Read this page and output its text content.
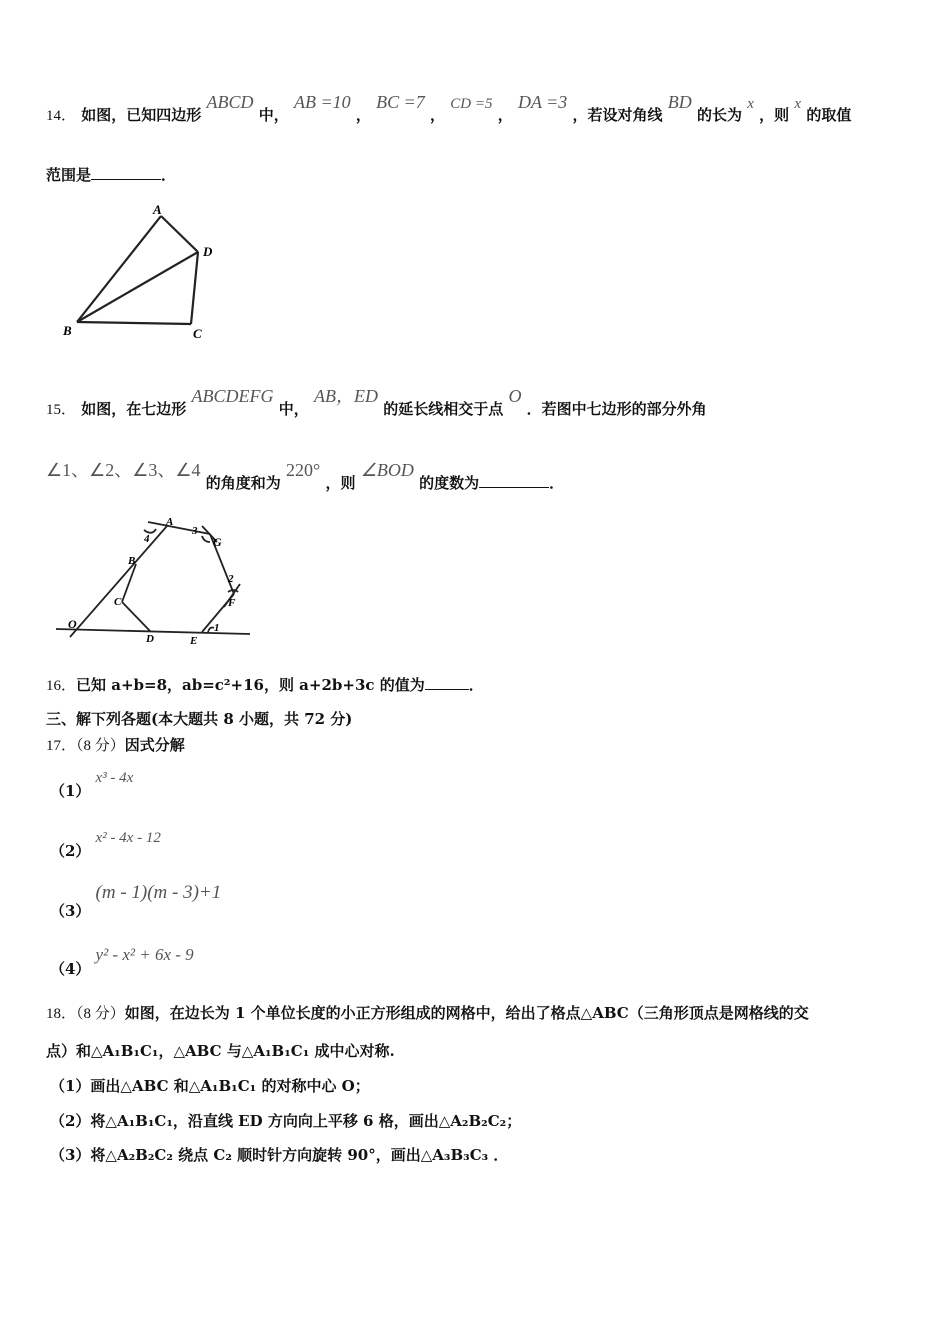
14． 如图，已知四边形 ABCD 中， AB =10 ， BC =7 ， CD =5 ， DA =3 ，若设对角线 BD 的长为 x ，则 x 的取值
范围是	．
A
D
B	C
15． 如图，在七边形 ABCDEFG 中， AB，ED 的延长线相交于点 O ．若图中七边形的部分外角
∠1、∠2、∠3、∠4 的角度和为 220° ，则 ∠BOD 的度数为	．
A
3
G
4
B
2
F
C
O
D	E
1
16．已知 a+b=8，ab=c²+16，则 a+2b+3c 的值为	．
三、解下列各题(本大题共 8 小题，共 72 分)
17．（8 分）因式分解
（1） x³ - 4x
（2） x² - 4x - 12
（3） (m - 1)(m - 3)+1
（4） y² - x² + 6x - 9
18．（8 分）如图，在边长为 1 个单位长度的小正方形组成的网格中，给出了格点△ABC（三角形顶点是网格线的交
点）和△A₁B₁C₁，△ABC 与△A₁B₁C₁ 成中心对称.
（1）画出△ABC 和△A₁B₁C₁ 的对称中心 O；
（2）将△A₁B₁C₁，沿直线 ED 方向向上平移 6 格，画出△A₂B₂C₂；
（3）将△A₂B₂C₂ 绕点 C₂ 顺时针方向旋转 90°，画出△A₃B₃C₃ ．
